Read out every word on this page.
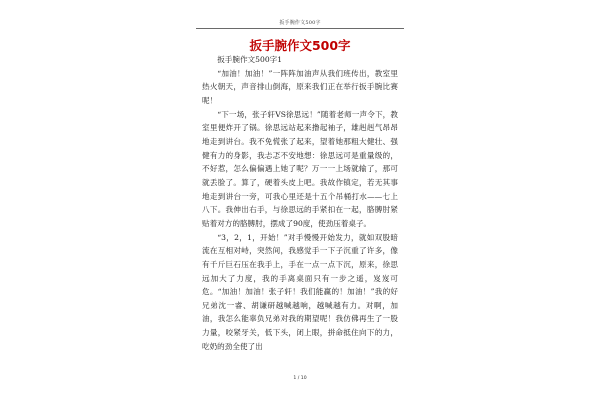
扳手腕作文500字
扳手腕作文500字

扳手腕作文500字1

“加油！加油！”一阵阵加油声从我们班传出，教室里热火朝天，声音排山倒海，原来我们正在举行扳手腕比赛呢！

“下一场，张子轩VS徐思远！”随着老师一声令下，教室里便炸开了锅。徐思远站起来撸起袖子，雄赳赳气昂昂地走到讲台。我不免慌张了起来，望着她那粗大健壮、强健有力的身影，我忐忑不安地想：徐思远可是重量级的，不好惹，怎么偏偏遇上她了呢？万一一上场就输了，那可就丢脸了。算了，硬着头皮上吧。我故作镇定，若无其事地走到讲台一旁，可我心里还是十五个吊桶打水——七上八下。我伸出右手，与徐思远的手紧扣在一起，胳膊肘紧贴着对方的胳膊肘，摆成了90度，使劲压着桌子。

“3，2，1，开始！”对手慢慢开始发力，就如双股暗流在互相对峙，突然间，我感觉手一下子沉重了许多，像有千斤巨石压在我手上，手在一点一点下沉，原来，徐思远加大了力度，我的手离桌面只有一步之遥，岌岌可危。“加油！加油！张子轩！我们能赢的！加油！”我的好兄弟沈一睿、胡谦研越喊越响，越喊越有力。对啊，加油，我怎么能辜负兄弟对我的期望呢！我仿佛再生了一股力量，咬紧牙关，低下头，闭上眼，拼命抵住向下的力，吃奶的劲全使了出

1 / 10
